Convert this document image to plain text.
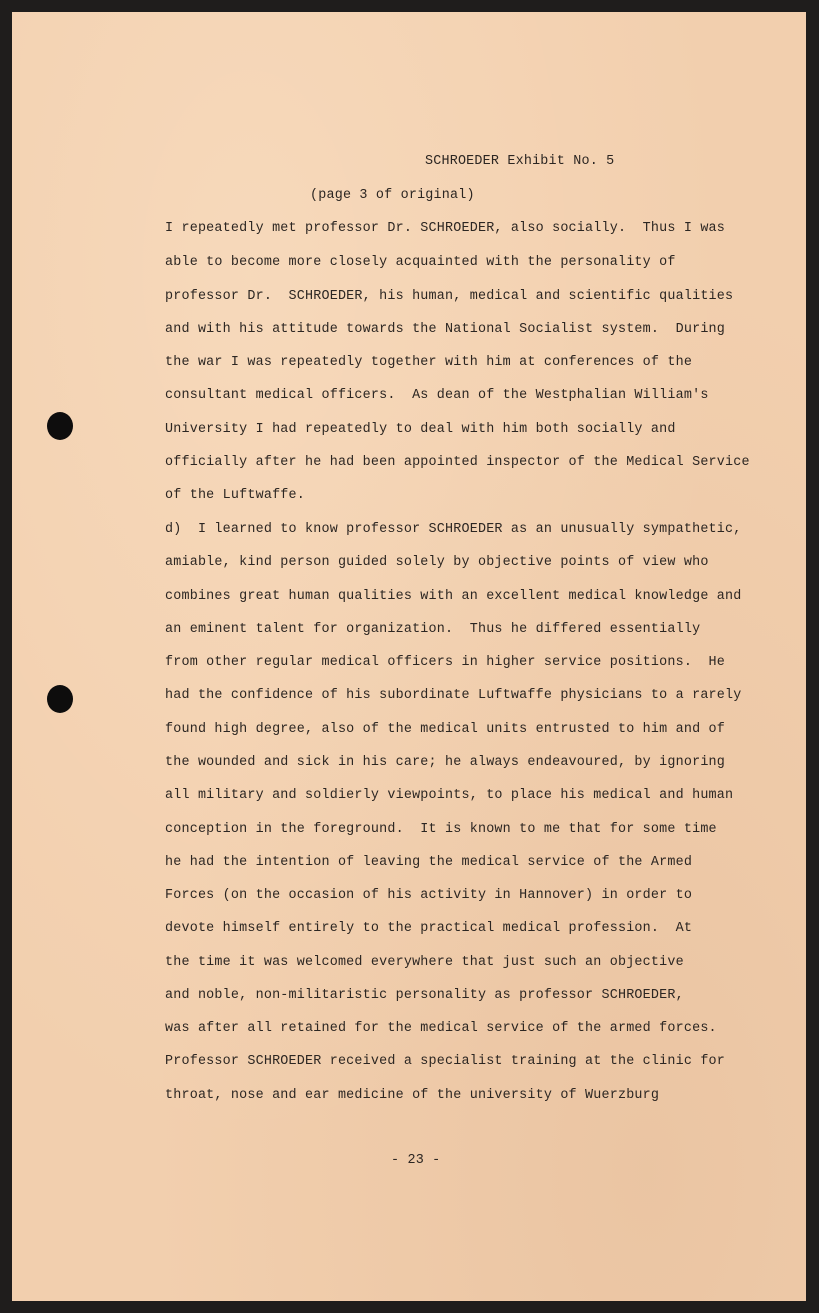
SCHROEDER Exhibit No. 5
(page 3 of original)
I repeatedly met professor Dr. SCHROEDER, also socially.  Thus I was
able to become more closely acquainted with the personality of
professor Dr.  SCHROEDER, his human, medical and scientific qualities
and with his attitude towards the National Socialist system.  During
the war I was repeatedly together with him at conferences of the
consultant medical officers.  As dean of the Westphalian William's
University I had repeatedly to deal with him both socially and
officially after he had been appointed inspector of the Medical Service
of the Luftwaffe.
d)  I learned to know professor SCHROEDER as an unusually sympathetic,
amiable, kind person guided solely by objective points of view who
combines great human qualities with an excellent medical knowledge and
an eminent talent for organization.  Thus he differed essentially
from other regular medical officers in higher service positions.  He
had the confidence of his subordinate Luftwaffe physicians to a rarely
found high degree, also of the medical units entrusted to him and of
the wounded and sick in his care; he always endeavoured, by ignoring
all military and soldierly viewpoints, to place his medical and human
conception in the foreground.  It is known to me that for some time
he had the intention of leaving the medical service of the Armed
Forces (on the occasion of his activity in Hannover) in order to
devote himself entirely to the practical medical profession.  At
the time it was welcomed everywhere that just such an objective
and noble, non-militaristic personality as professor SCHROEDER,
was after all retained for the medical service of the armed forces.
Professor SCHROEDER received a specialist training at the clinic for
throat, nose and ear medicine of the university of Wuerzburg
- 23 -
